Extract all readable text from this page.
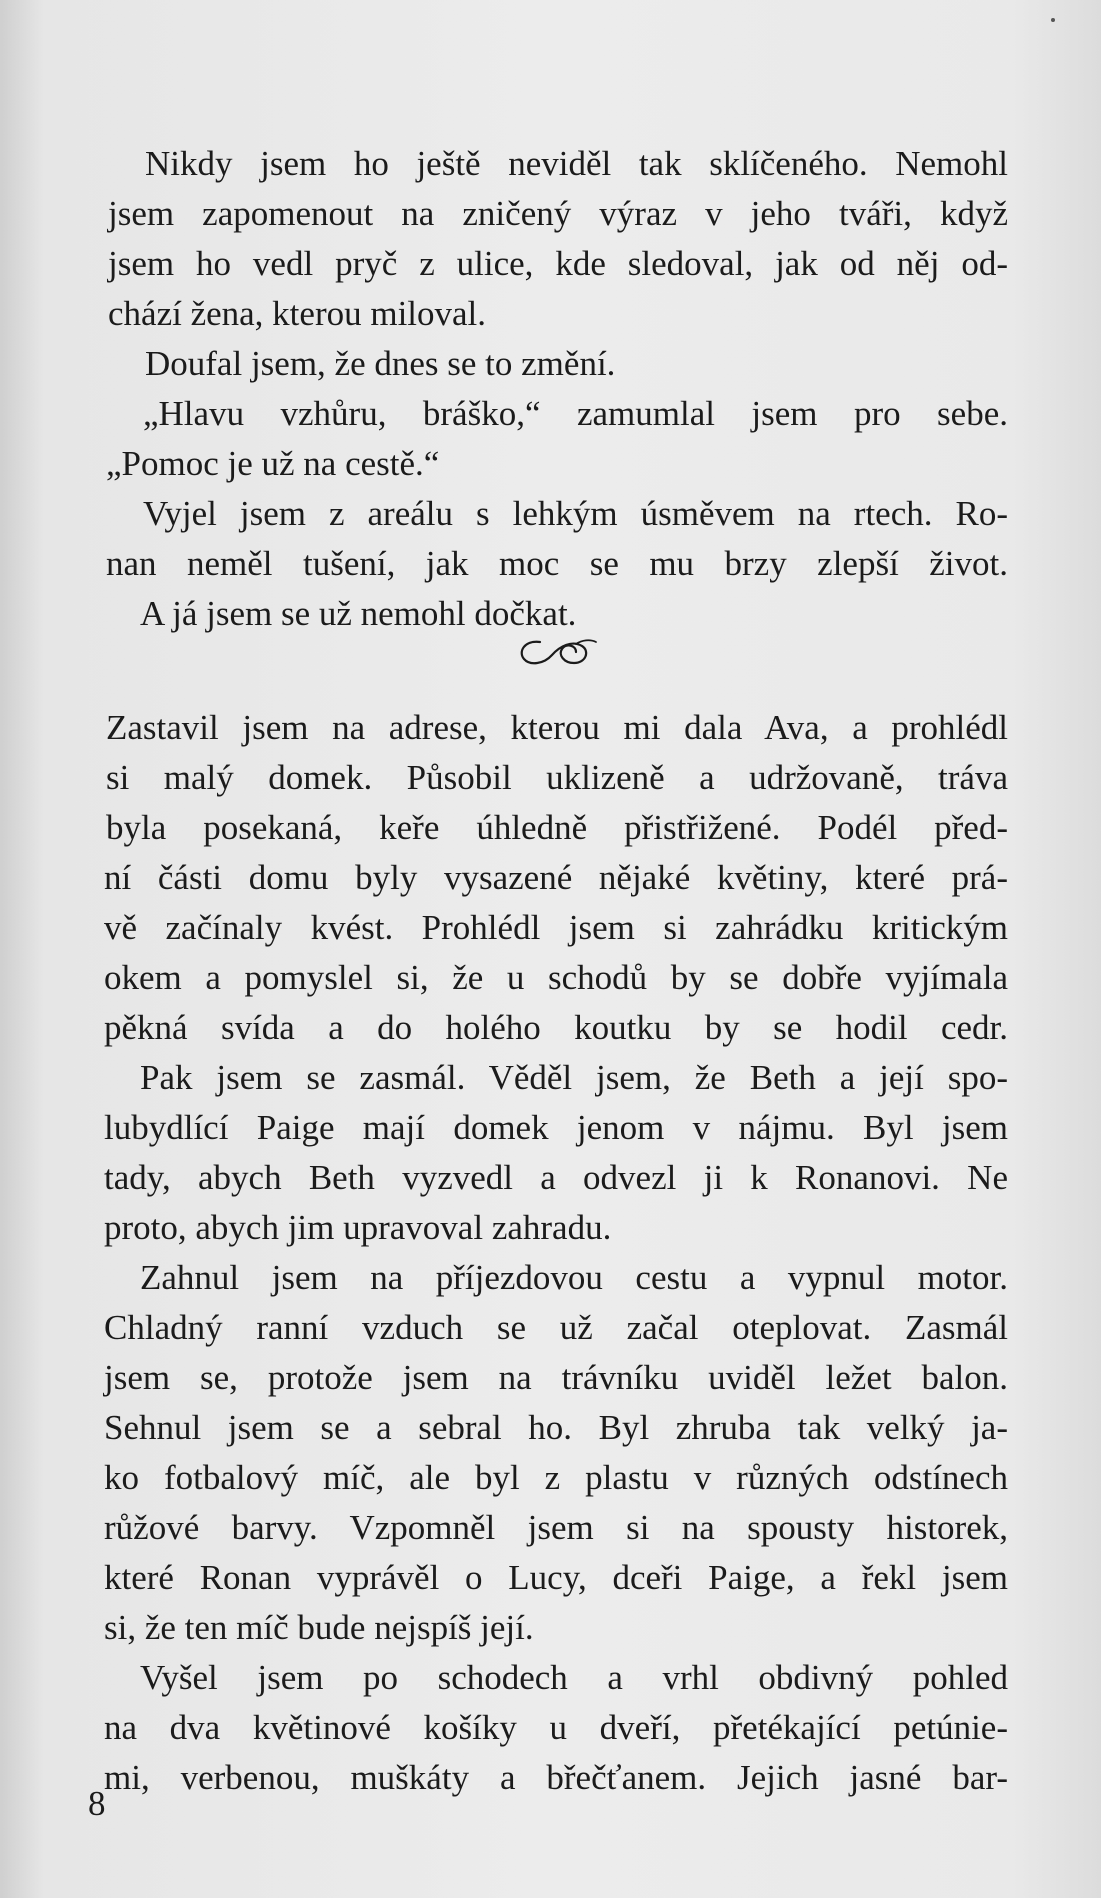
Nikdy jsem ho ještě neviděl tak sklíčeného. Nemohl
jsem zapomenout na zničený výraz v jeho tváři, když
jsem ho vedl pryč z ulice, kde sledoval, jak od něj od-
chází žena, kterou miloval.
Doufal jsem, že dnes se to změní.
„Hlavu vzhůru, bráško,“ zamumlal jsem pro sebe.
„Pomoc je už na cestě.“
Vyjel jsem z areálu s lehkým úsměvem na rtech. Ro-
nan neměl tušení, jak moc se mu brzy zlepší život.
A já jsem se už nemohl dočkat.
Zastavil jsem na adrese, kterou mi dala Ava, a prohlédl
si malý domek. Působil uklizeně a udržovaně, tráva
byla posekaná, keře úhledně přistřižené. Podél před-
ní části domu byly vysazené nějaké květiny, které prá-
vě začínaly kvést. Prohlédl jsem si zahrádku kritickým
okem a pomyslel si, že u schodů by se dobře vyjímala
pěkná svída a do holého koutku by se hodil cedr.
Pak jsem se zasmál. Věděl jsem, že Beth a její spo-
lubydlící Paige mají domek jenom v nájmu. Byl jsem
tady, abych Beth vyzvedl a odvezl ji k Ronanovi. Ne
proto, abych jim upravoval zahradu.
Zahnul jsem na příjezdovou cestu a vypnul motor.
Chladný ranní vzduch se už začal oteplovat. Zasmál
jsem se, protože jsem na trávníku uviděl ležet balon.
Sehnul jsem se a sebral ho. Byl zhruba tak velký ja-
ko fotbalový míč, ale byl z plastu v různých odstínech
růžové barvy. Vzpomněl jsem si na spousty historek,
které Ronan vyprávěl o Lucy, dceři Paige, a řekl jsem
si, že ten míč bude nejspíš její.
Vyšel jsem po schodech a vrhl obdivný pohled
na dva květinové košíky u dveří, přetékající petúnie-
mi, verbenou, muškáty a břečťanem. Jejich jasné bar-
8
